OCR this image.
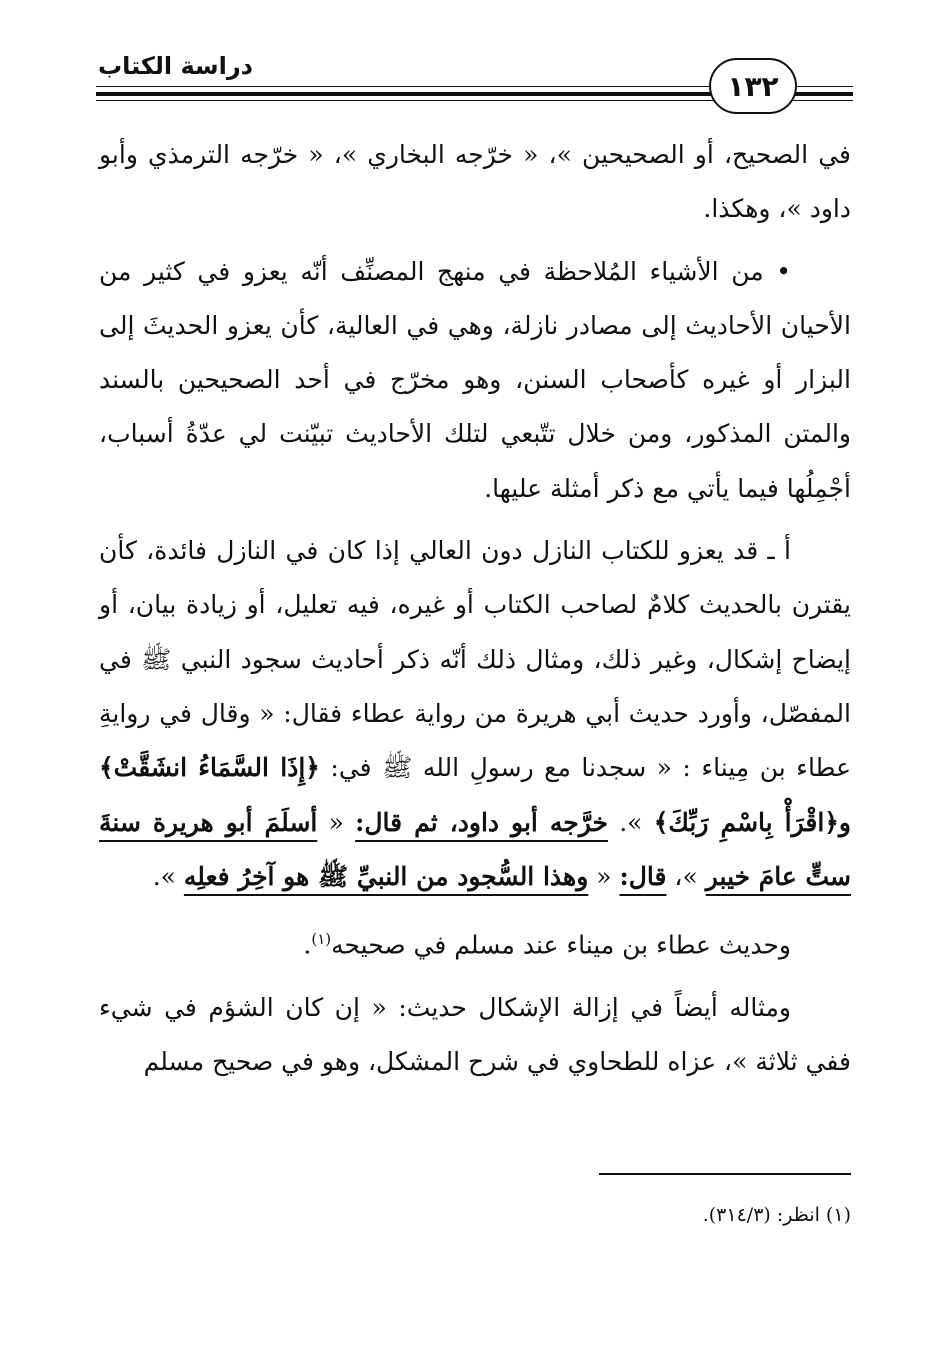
دراسة الكتاب
١٣٢

في الصحيح، أو الصحيحين »، « خرّجه البخاري »، « خرّجه الترمذي وأبو داود »، وهكذا.

• من الأشياء المُلاحظة في منهج المصنِّف أنّه يعزو في كثير من الأحيان الأحاديث إلى مصادر نازلة، وهي في العالية، كأن يعزو الحديثَ إلى البزار أو غيره كأصحاب السنن، وهو مخرّج في أحد الصحيحين بالسند والمتن المذكور، ومن خلال تتّبعي لتلك الأحاديث تبيّنت لي عدّةُ أسباب، أجْمِلُها فيما يأتي مع ذكر أمثلة عليها.

أ ـ قد يعزو للكتاب النازل دون العالي إذا كان في النازل فائدة، كأن يقترن بالحديث كلامٌ لصاحب الكتاب أو غيره، فيه تعليل، أو زيادة بيان، أو إيضاح إشكال، وغير ذلك، ومثال ذلك أنّه ذكر أحاديث سجود النبي ﷺ في المفصّل، وأورد حديث أبي هريرة من رواية عطاء فقال: « وقال في روايةِ عطاء بن مِيناء : « سجدنا مع رسولِ الله ﷺ في: ﴿إِذَا السَّمَاءُ انشَقَّتْ﴾ و﴿اقْرَأْ بِاسْمِ رَبِّكَ﴾ ». خرَّجه أبو داود، ثم قال: « أسلَمَ أبو هريرة سنةَ ستٍّ عامَ خيبر »، قال: « وهذا السُّجود من النبيِّ ﷺ هو آخِرُ فعلِه ».

وحديث عطاء بن ميناء عند مسلم في صحيحه$^{(١)}$.

ومثاله أيضاً في إزالة الإشكال حديث: « إن كان الشؤم في شيء ففي ثلاثة »، عزاه للطحاوي في شرح المشكل، وهو في صحيح مسلم

(١) انظر: (٣١٤/٣).
